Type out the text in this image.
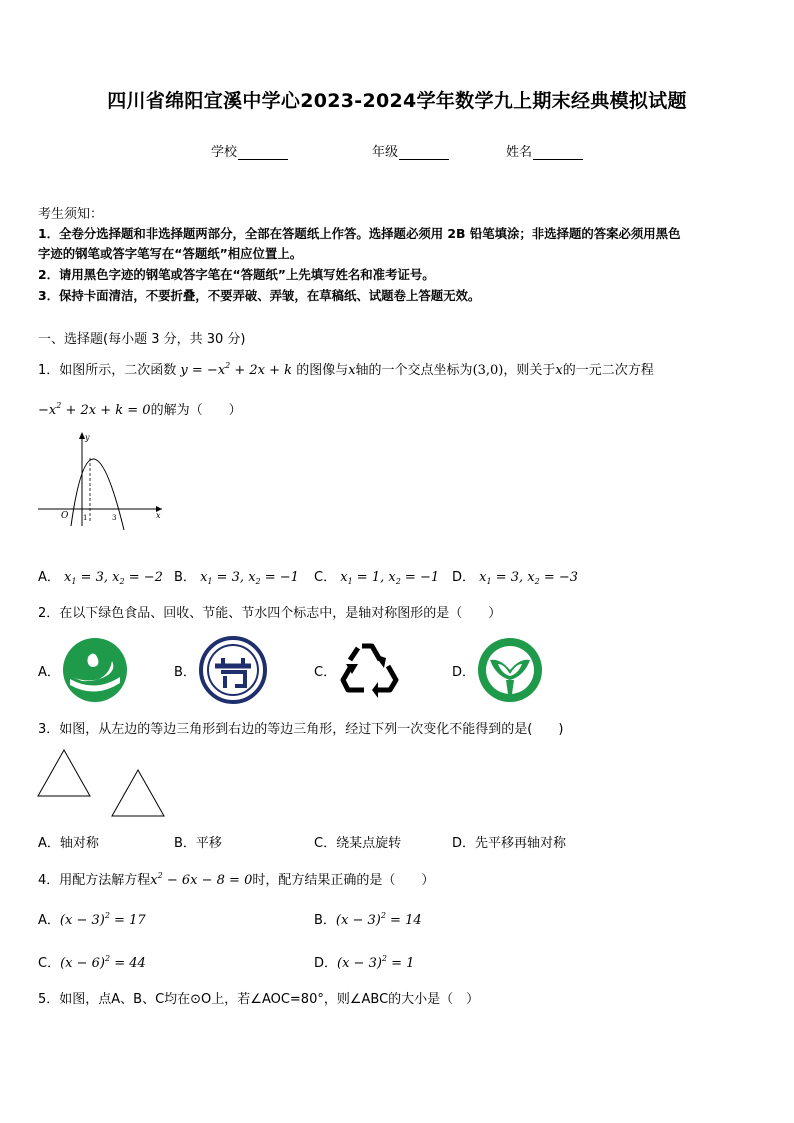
四川省绵阳宜溪中学心2023-2024学年数学九上期末经典模拟试题
学校	年级	姓名
考生须知：
1．全卷分选择题和非选择题两部分，全部在答题纸上作答。选择题必须用 2B 铅笔填涂；非选择题的答案必须用黑色
字迹的钢笔或答字笔写在“答题纸”相应位置上。
2．请用黑色字迹的钢笔或答字笔在“答题纸”上先填写姓名和准考证号。
3．保持卡面清洁，不要折叠，不要弄破、弄皱，在草稿纸、试题卷上答题无效。
一、选择题(每小题 3 分，共 30 分)
1．如图所示，二次函数 $y = -x^2 + 2x + k$ 的图像与x轴的一个交点坐标为(3,0)，则关于x的一元二次方程
$-x^2 + 2x + k = 0$的解为（　　）
O 1	3	x
y
A． $x_1 = 3$, $x_2 = -2$ B． $x_1 = 3$, $x_2 = -1$ C． $x_1 = 1$, $x_2 = -1$ D． $x_1 = 3$, $x_2 = -3$
2．在以下绿色食品、回收、节能、节水四个标志中，是轴对称图形的是（　　）
A．	B．	C．	D．
3．如图，从左边的等边三角形到右边的等边三角形，经过下列一次变化不能得到的是(　　)
A．轴对称	B．平移	C．绕某点旋转	D．先平移再轴对称
4．用配方法解方程$x^2 - 6x - 8 = 0$时，配方结果正确的是（　　）
A．$(x - 3)^2 = 17$	B．$(x - 3)^2 = 14$
C．$(x - 6)^2 = 44$	D．$(x - 3)^2 = 1$
5．如图，点A、B、C均在⊙O上，若∠AOC=80°，则∠ABC的大小是（　）
